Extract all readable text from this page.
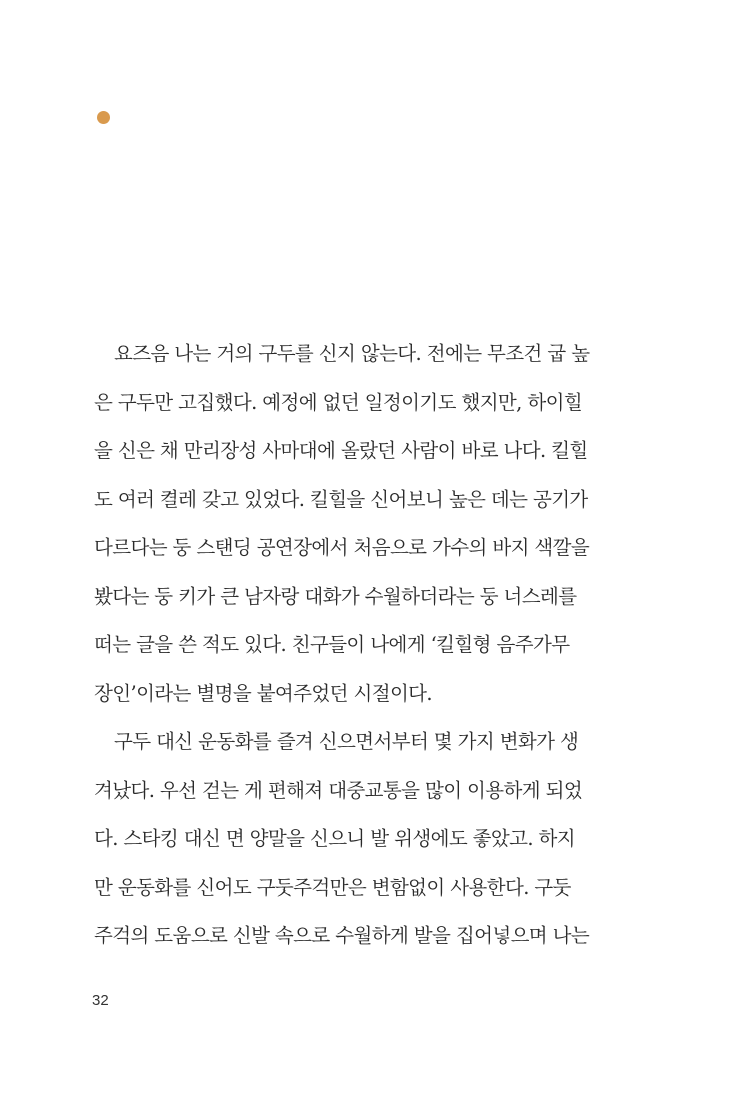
요즈음 나는 거의 구두를 신지 않는다. 전에는 무조건 굽 높
은 구두만 고집했다. 예정에 없던 일정이기도 했지만, 하이힐
을 신은 채 만리장성 사마대에 올랐던 사람이 바로 나다. 킬힐
도 여러 켤레 갖고 있었다. 킬힐을 신어보니 높은 데는 공기가
다르다는 둥 스탠딩 공연장에서 처음으로 가수의 바지 색깔을
봤다는 둥 키가 큰 남자랑 대화가 수월하더라는 둥 너스레를
떠는 글을 쓴 적도 있다. 친구들이 나에게 ‘킬힐형 음주가무
장인’이라는 별명을 붙여주었던 시절이다.
구두 대신 운동화를 즐겨 신으면서부터 몇 가지 변화가 생
겨났다. 우선 걷는 게 편해져 대중교통을 많이 이용하게 되었
다. 스타킹 대신 면 양말을 신으니 발 위생에도 좋았고. 하지
만 운동화를 신어도 구둣주걱만은 변함없이 사용한다. 구둣
주걱의 도움으로 신발 속으로 수월하게 발을 집어넣으며 나는
32
